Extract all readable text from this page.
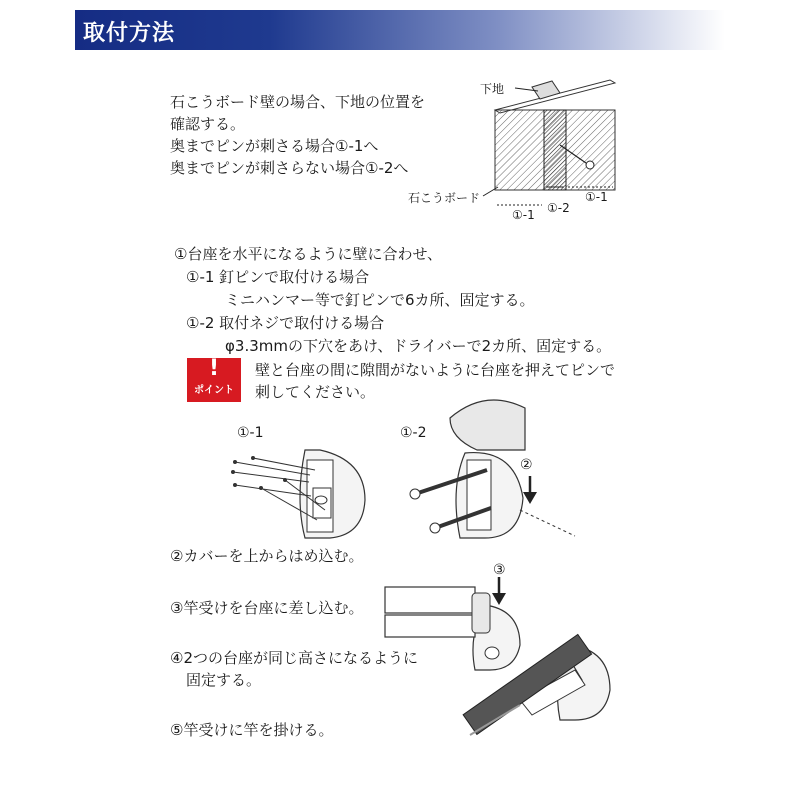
取付方法
石こうボード壁の場合、下地の位置を
確認する。
奥までピンが刺さる場合①-1へ
奥までピンが刺さらない場合①-2へ
下地
石こうボード
①-1 ①-2
①-1
①台座を水平になるように壁に合わせ、
①-1 釘ピンで取付ける場合
ミニハンマー等で釘ピンで6カ所、固定する。
①-2 取付ネジで取付ける場合
φ3.3mmの下穴をあけ、ドライバーで2カ所、固定する。
!
ポイント
壁と台座の間に隙間がないように台座を押えてピンで
刺してください。
①-1	①-2
②
②カバーを上からはめ込む。
③竿受けを台座に差し込む。
④2つの台座が同じ高さになるように
固定する。
⑤竿受けに竿を掛ける。
③
